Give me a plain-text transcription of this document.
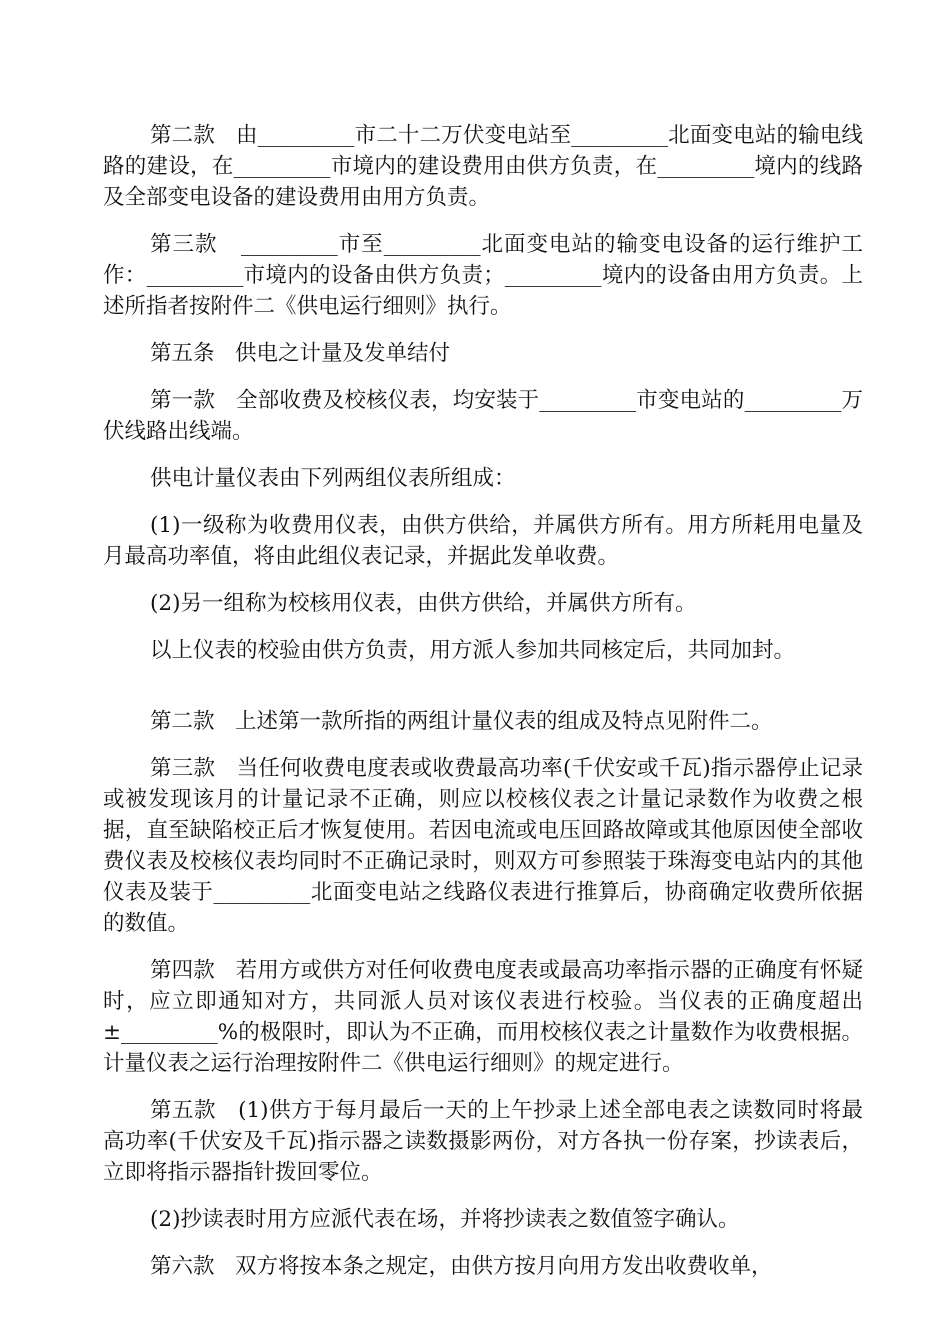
第二款   由_________市二十二万伏变电站至_________北面变电站的输电线路的建设，在_________市境内的建设费用由供方负责，在_________境内的线路及全部变电设备的建设费用由用方负责。

第三款   _________市至_________北面变电站的输变电设备的运行维护工作：_________市境内的设备由供方负责；_________境内的设备由用方负责。上述所指者按附件二《供电运行细则》执行。

第五条   供电之计量及发单结付

第一款   全部收费及校核仪表，均安装于_________市变电站的_________万伏线路出线端。

供电计量仪表由下列两组仪表所组成：

(1)一级称为收费用仪表，由供方供给，并属供方所有。用方所耗用电量及月最高功率值，将由此组仪表记录，并据此发单收费。

(2)另一组称为校核用仪表，由供方供给，并属供方所有。

以上仪表的校验由供方负责，用方派人参加共同核定后，共同加封。

第二款   上述第一款所指的两组计量仪表的组成及特点见附件二。

第三款   当任何收费电度表或收费最高功率(千伏安或千瓦)指示器停止记录或被发现该月的计量记录不正确，则应以校核仪表之计量记录数作为收费之根据，直至缺陷校正后才恢复使用。若因电流或电压回路故障或其他原因使全部收费仪表及校核仪表均同时不正确记录时，则双方可参照装于珠海变电站内的其他仪表及装于_________北面变电站之线路仪表进行推算后，协商确定收费所依据的数值。

第四款   若用方或供方对任何收费电度表或最高功率指示器的正确度有怀疑时，应立即通知对方，共同派人员对该仪表进行校验。当仪表的正确度超出±_________%的极限时，即认为不正确，而用校核仪表之计量数作为收费根据。计量仪表之运行治理按附件二《供电运行细则》的规定进行。

第五款   (1)供方于每月最后一天的上午抄录上述全部电表之读数同时将最高功率(千伏安及千瓦)指示器之读数摄影两份，对方各执一份存案，抄读表后，立即将指示器指针拨回零位。

(2)抄读表时用方应派代表在场，并将抄读表之数值签字确认。

第六款   双方将按本条之规定，由供方按月向用方发出收费收单，
